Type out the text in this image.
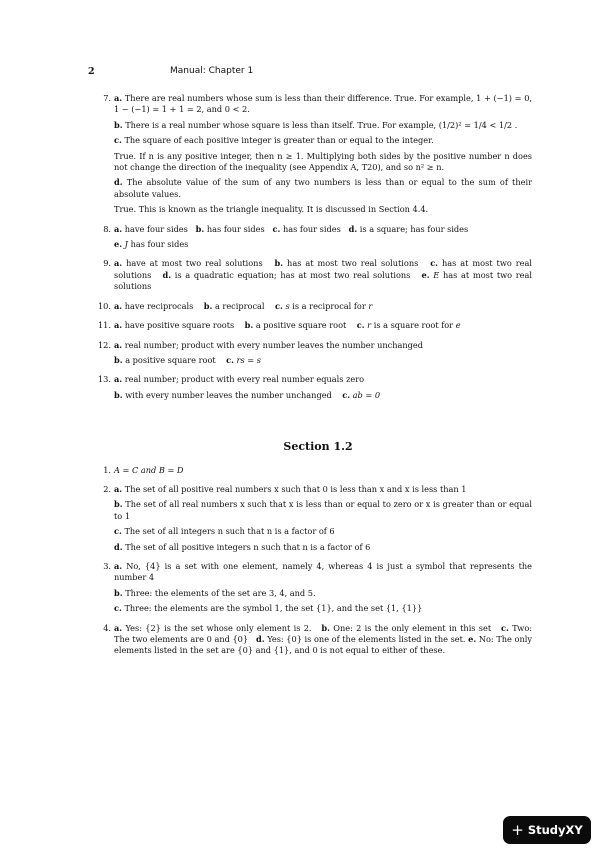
2	Manual: Chapter 1
7. a. There are real numbers whose sum is less than their difference. True. For example, 1 + (−1) = 0, 1 − (−1) = 1 + 1 = 2, and 0 < 2.

b. There is a real number whose square is less than itself. True. For example, (1/2)² = 1/4 < 1/2 .

c. The square of each positive integer is greater than or equal to the integer.

True. If n is any positive integer, then n ≥ 1. Multiplying both sides by the positive number n does not change the direction of the inequality (see Appendix A, T20), and so n² ≥ n.

d. The absolute value of the sum of any two numbers is less than or equal to the sum of their absolute values.

True. This is known as the triangle inequality. It is discussed in Section 4.4.

8. a. have four sides b. has four sides c. has four sides d. is a square; has four sides

e. J has four sides

9. a. have at most two real solutions b. has at most two real solutions c. has at most two real solutions d. is a quadratic equation; has at most two real solutions e. E has at most two real solutions

10. a. have reciprocals b. a reciprocal c. s is a reciprocal for r

11. a. have positive square roots b. a positive square root c. r is a square root for e

12. a. real number; product with every number leaves the number unchanged

b. a positive square root c. rs = s

13. a. real number; product with every real number equals zero

b. with every number leaves the number unchanged c. ab = 0

Section 1.2
1. A = C and B = D

2. a. The set of all positive real numbers x such that 0 is less than x and x is less than 1

b. The set of all real numbers x such that x is less than or equal to zero or x is greater than or equal to 1

c. The set of all integers n such that n is a factor of 6

d. The set of all positive integers n such that n is a factor of 6

3. a. No, {4} is a set with one element, namely 4, whereas 4 is just a symbol that represents the number 4

b. Three: the elements of the set are 3, 4, and 5.

c. Three: the elements are the symbol 1, the set {1}, and the set {1, {1}}

4. a. Yes: {2} is the set whose only element is 2. b. One: 2 is the only element in this set c. Two: The two elements are 0 and {0} d. Yes: {0} is one of the elements listed in the set. e. No: The only elements listed in the set are {0} and {1}, and 0 is not equal to either of these.

+ StudyXY
